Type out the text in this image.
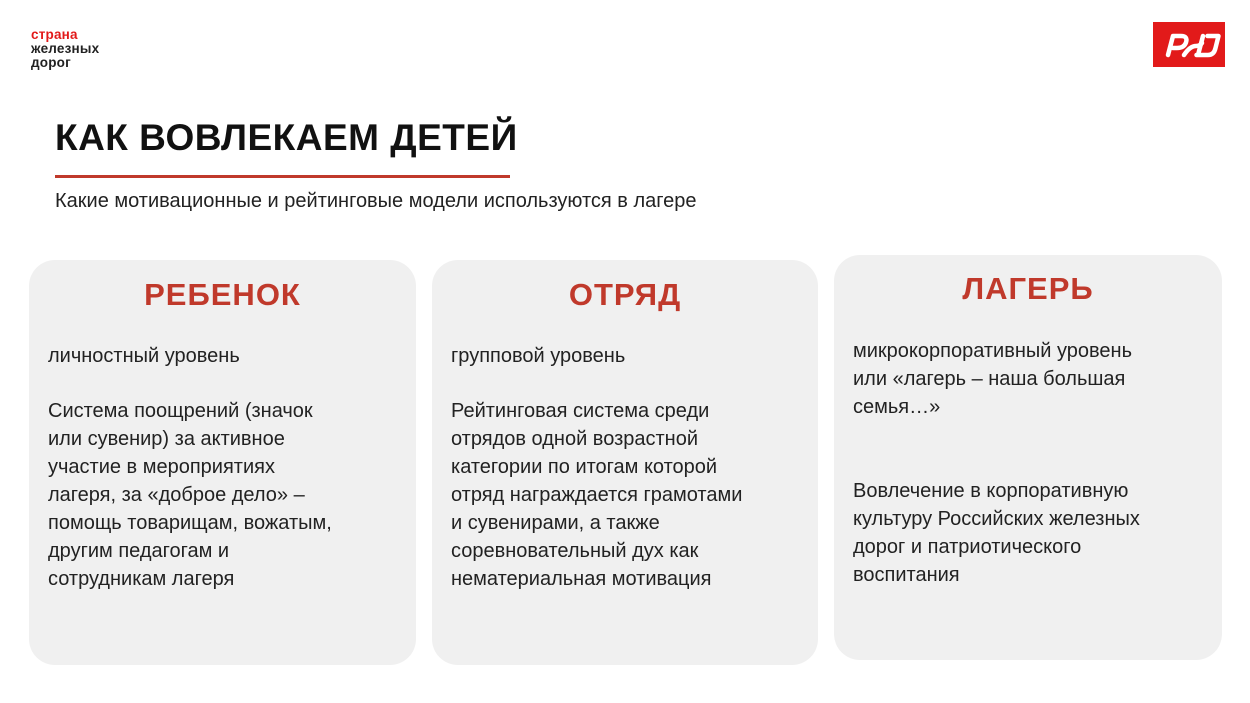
страна
железных
дорог
КАК ВОВЛЕКАЕМ ДЕТЕЙ

Какие мотивационные и рейтинговые модели используются в лагере

РЕБЕНОК

личностный уровень

Система поощрений (значок

или сувенир) за активное

участие в мероприятиях

лагеря, за «доброе дело» –

помощь товарищам, вожатым,

другим педагогам и

сотрудникам лагеря

ОТРЯД

групповой уровень

Рейтинговая система среди

отрядов одной возрастной

категории по итогам которой

отряд награждается грамотами

и сувенирами, а также

соревновательный дух как

нематериальная мотивация

ЛАГЕРЬ

микрокорпоративный уровень

или «лагерь – наша большая

семья…»

Вовлечение в корпоративную

культуру Российских железных

дорог и патриотического

воспитания
